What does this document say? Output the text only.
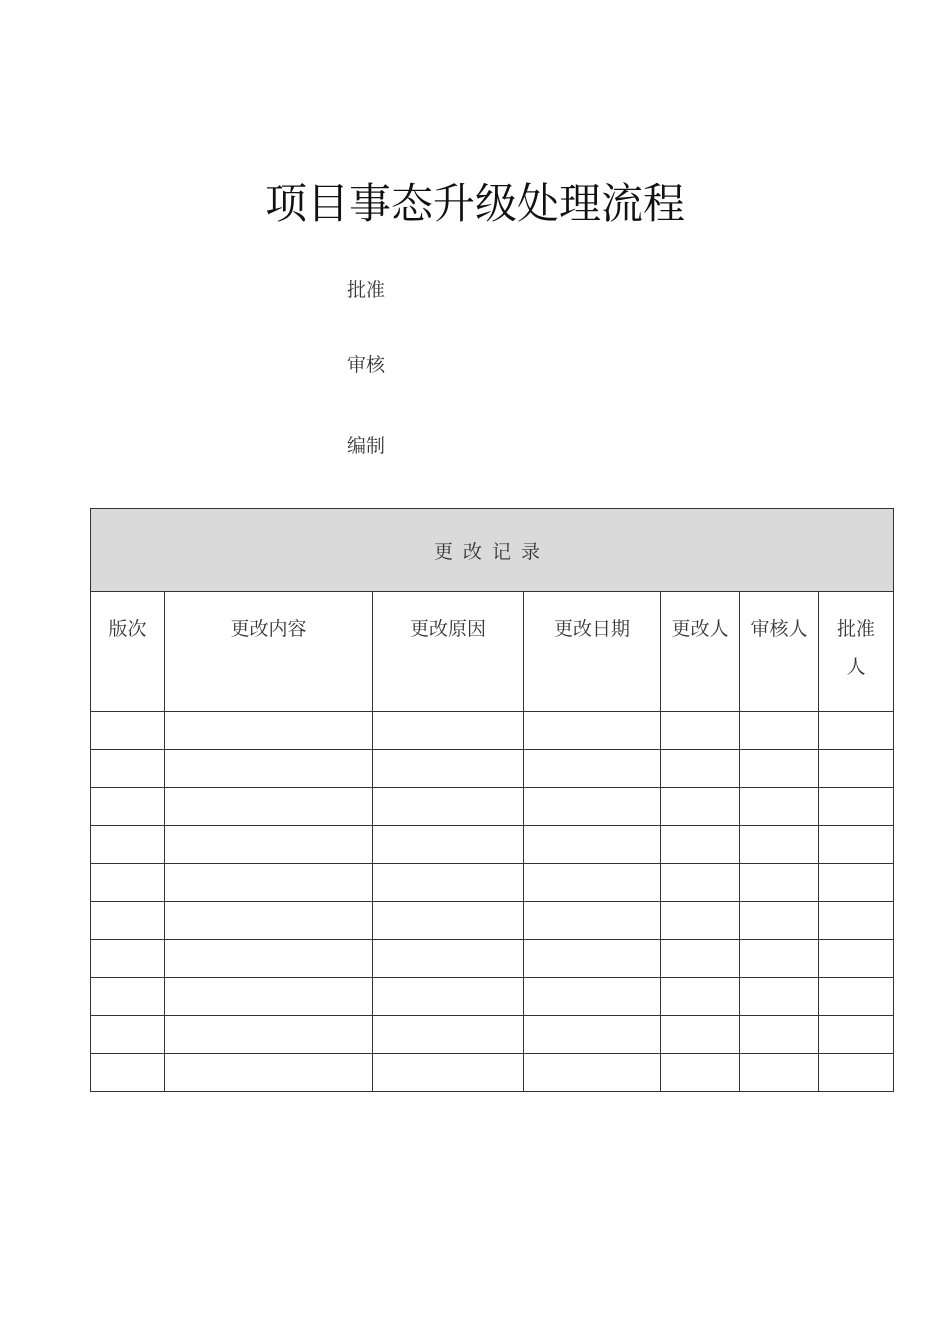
项目事态升级处理流程
批准
审核
编制
更改记录						
版次	更改内容	更改原因	更改日期	更改人	审核人	批准人
